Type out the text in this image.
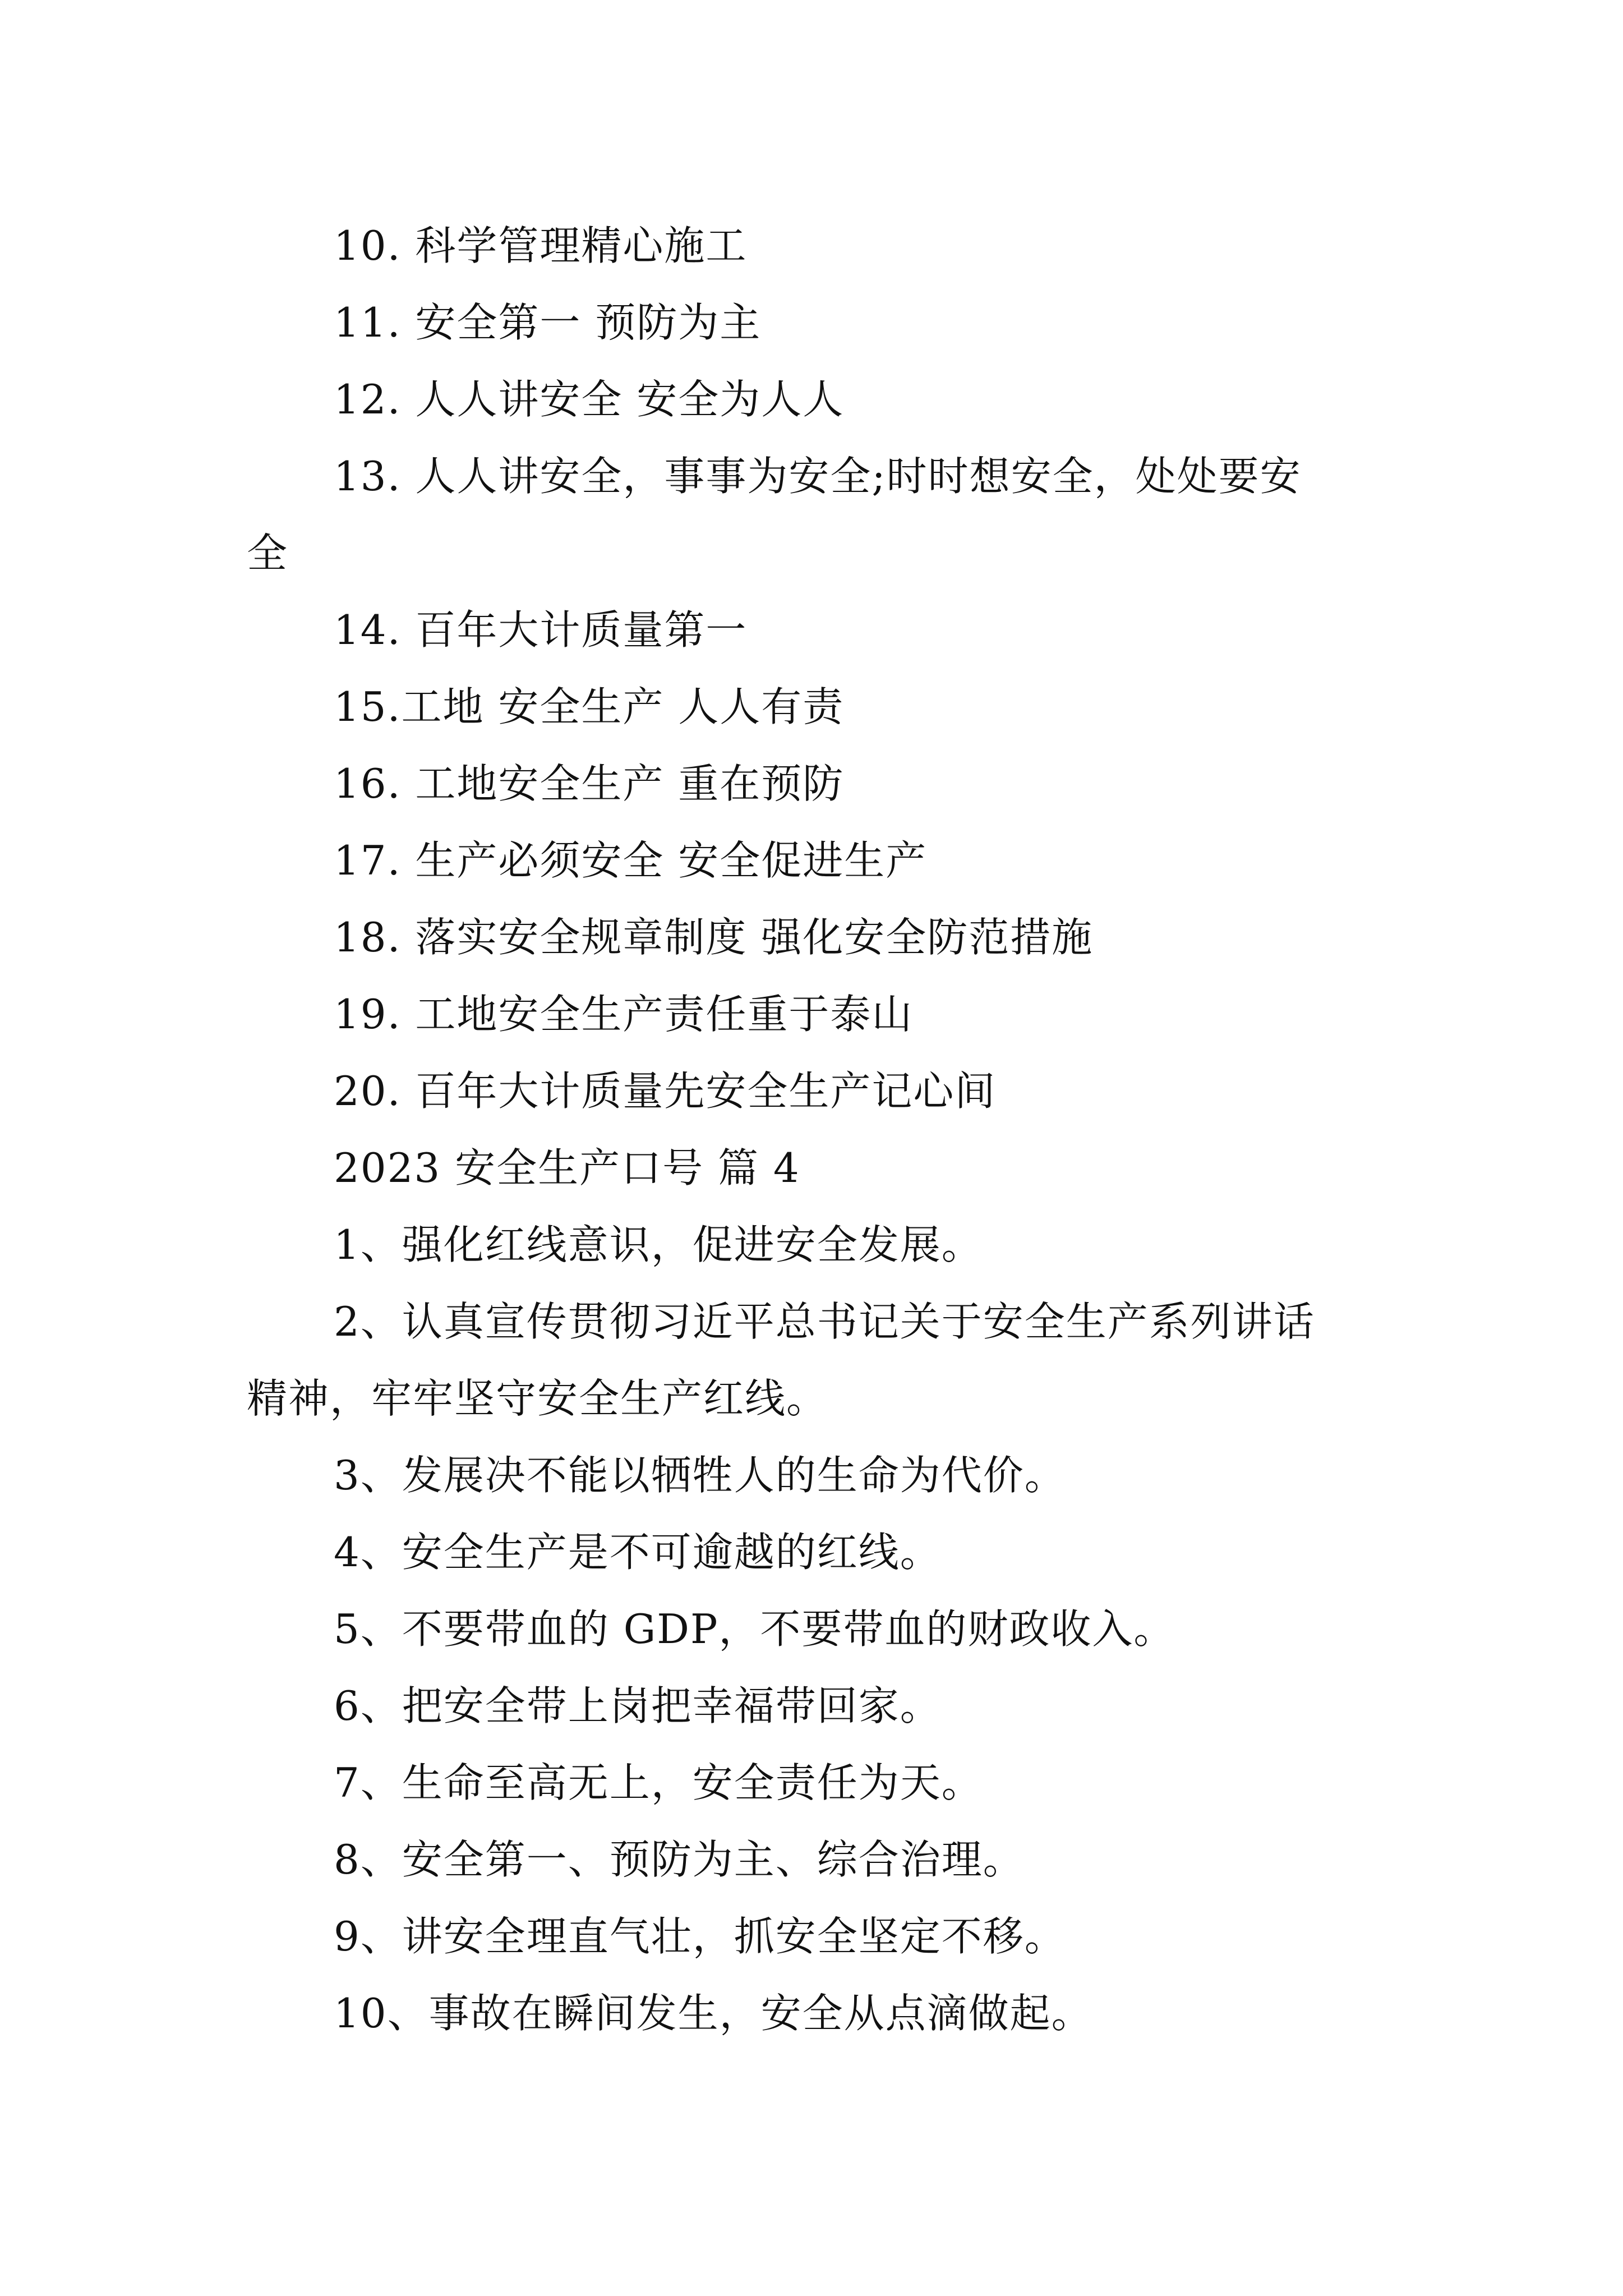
10. 科学管理精心施工
11. 安全第一 预防为主
12. 人人讲安全 安全为人人
13. 人人讲安全，事事为安全;时时想安全，处处要安
全
14. 百年大计质量第一
15.工地 安全生产 人人有责
16. 工地安全生产 重在预防
17. 生产必须安全 安全促进生产
18. 落实安全规章制度 强化安全防范措施
19. 工地安全生产责任重于泰山
20. 百年大计质量先安全生产记心间
2023 安全生产口号 篇 4
1、强化红线意识，促进安全发展。
2、认真宣传贯彻习近平总书记关于安全生产系列讲话
精神，牢牢坚守安全生产红线。
3、发展决不能以牺牲人的生命为代价。
4、安全生产是不可逾越的红线。
5、不要带血的 GDP，不要带血的财政收入。
6、把安全带上岗把幸福带回家。
7、生命至高无上，安全责任为天。
8、安全第一、预防为主、综合治理。
9、讲安全理直气壮，抓安全坚定不移。
10、事故在瞬间发生，安全从点滴做起。
